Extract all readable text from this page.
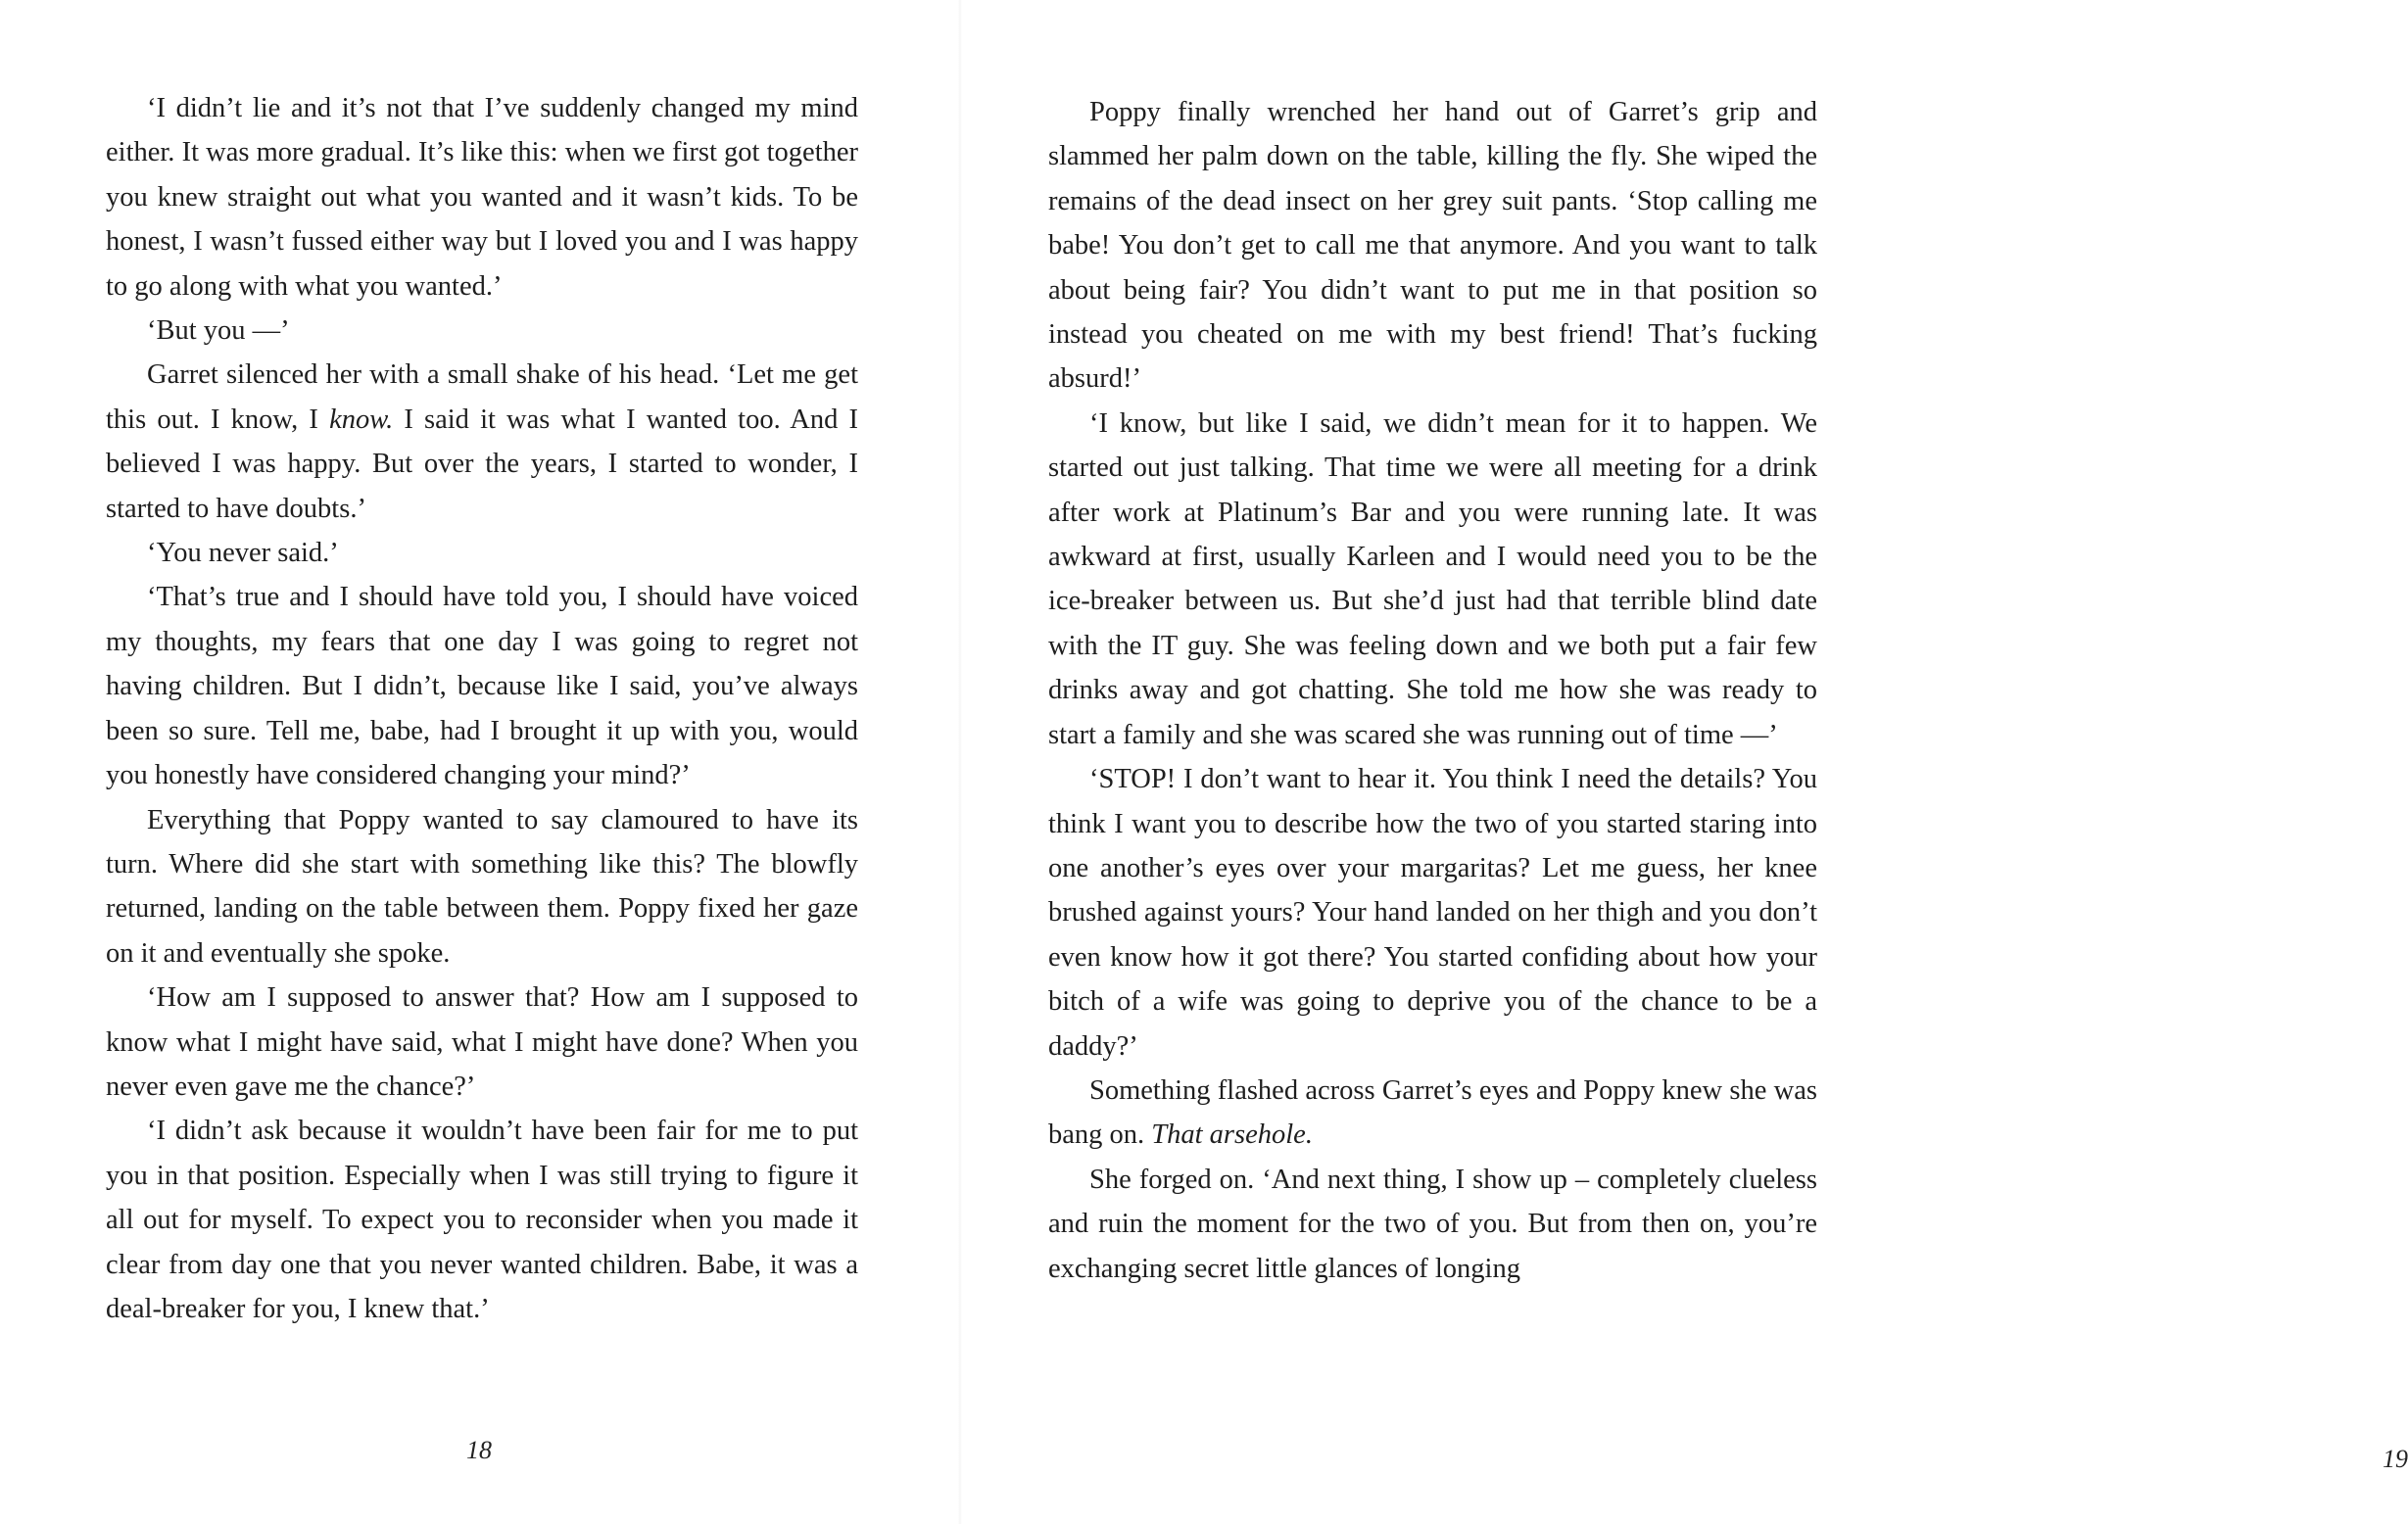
‘I didn’t lie and it’s not that I’ve suddenly changed my mind either. It was more gradual. It’s like this: when we first got together you knew straight out what you wanted and it wasn’t kids. To be honest, I wasn’t fussed either way but I loved you and I was happy to go along with what you wanted.’

‘But you —’

Garret silenced her with a small shake of his head. ‘Let me get this out. I know, I know. I said it was what I wanted too. And I believed I was happy. But over the years, I started to wonder, I started to have doubts.’

‘You never said.’

‘That’s true and I should have told you, I should have voiced my thoughts, my fears that one day I was going to regret not having children. But I didn’t, because like I said, you’ve always been so sure. Tell me, babe, had I brought it up with you, would you honestly have considered changing your mind?’

Everything that Poppy wanted to say clamoured to have its turn. Where did she start with something like this? The blowfly returned, landing on the table between them. Poppy fixed her gaze on it and eventually she spoke.

‘How am I supposed to answer that? How am I supposed to know what I might have said, what I might have done? When you never even gave me the chance?’

‘I didn’t ask because it wouldn’t have been fair for me to put you in that position. Especially when I was still trying to figure it all out for myself. To expect you to reconsider when you made it clear from day one that you never wanted children. Babe, it was a deal-breaker for you, I knew that.’

18

Poppy finally wrenched her hand out of Garret’s grip and slammed her palm down on the table, killing the fly. She wiped the remains of the dead insect on her grey suit pants. ‘Stop calling me babe! You don’t get to call me that anymore. And you want to talk about being fair? You didn’t want to put me in that position so instead you cheated on me with my best friend! That’s fucking absurd!’

‘I know, but like I said, we didn’t mean for it to happen. We started out just talking. That time we were all meeting for a drink after work at Platinum’s Bar and you were running late. It was awkward at first, usually Karleen and I would need you to be the ice-breaker between us. But she’d just had that terrible blind date with the IT guy. She was feeling down and we both put a fair few drinks away and got chatting. She told me how she was ready to start a family and she was scared she was running out of time —’

‘STOP! I don’t want to hear it. You think I need the details? You think I want you to describe how the two of you started staring into one another’s eyes over your margaritas? Let me guess, her knee brushed against yours? Your hand landed on her thigh and you don’t even know how it got there? You started confiding about how your bitch of a wife was going to deprive you of the chance to be a daddy?’

Something flashed across Garret’s eyes and Poppy knew she was bang on. That arsehole.

She forged on. ‘And next thing, I show up – completely clueless and ruin the moment for the two of you. But from then on, you’re exchanging secret little glances of longing

19
